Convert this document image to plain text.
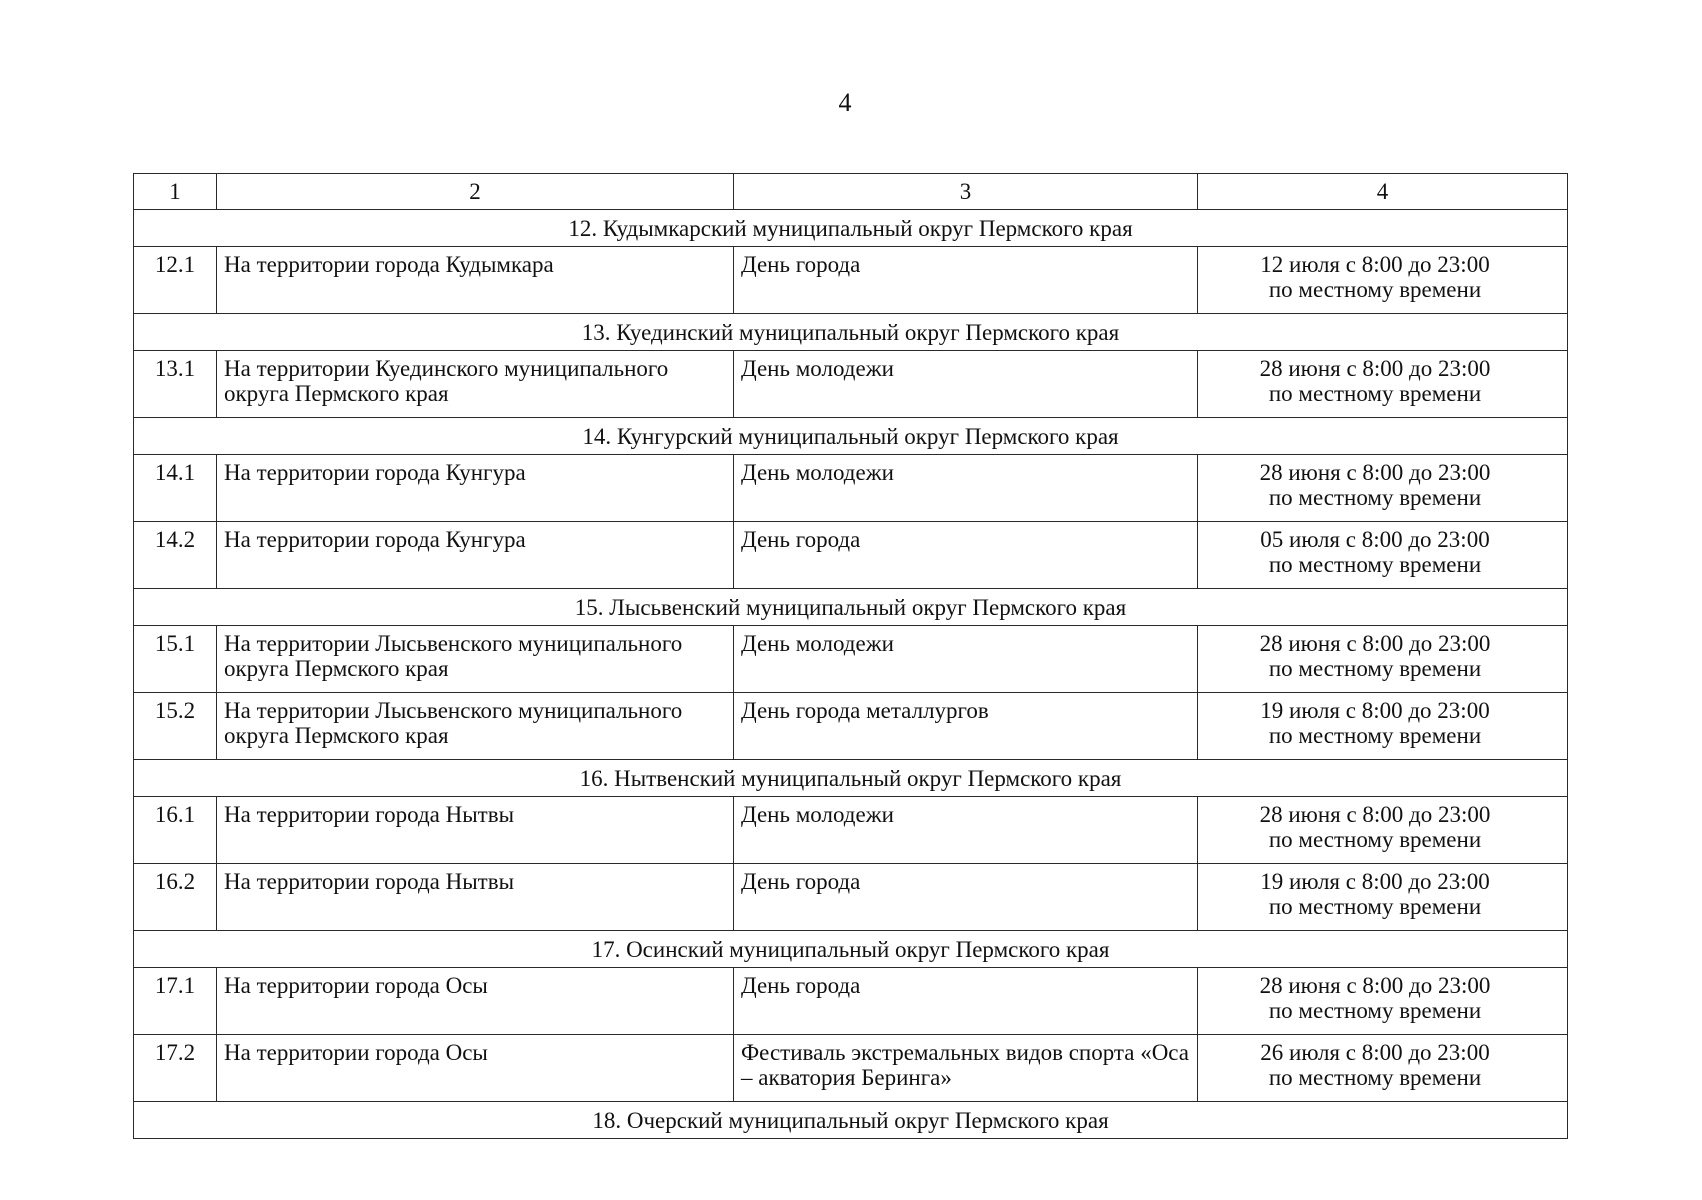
4
1	2	3	4
12. Кудымкарский муниципальный округ Пермского края			
12.1	На территории города Кудымкара	День города	12 июля с 8:00 до 23:00
по местному времени

13. Куединский муниципальный округ Пермского края			
13.1	На территории Куединского муниципального округа Пермского края	День молодежи	28 июня с 8:00 до 23:00
по местному времени

14. Кунгурский муниципальный округ Пермского края			
14.1	На территории города Кунгура	День молодежи	28 июня с 8:00 до 23:00
по местному времени

14.2	На территории города Кунгура	День города	05 июля с 8:00 до 23:00
по местному времени

15. Лысьвенский муниципальный округ Пермского края			
15.1	На территории Лысьвенского муниципального округа Пермского края	День молодежи	28 июня с 8:00 до 23:00
по местному времени

15.2	На территории Лысьвенского муниципального округа Пермского края	День города металлургов	19 июля с 8:00 до 23:00
по местному времени

16. Нытвенский муниципальный округ Пермского края			
16.1	На территории города Нытвы	День молодежи	28 июня с 8:00 до 23:00
по местному времени

16.2	На территории города Нытвы	День города	19 июля с 8:00 до 23:00
по местному времени

17. Осинский муниципальный округ Пермского края			
17.1	На территории города Осы	День города	28 июня с 8:00 до 23:00
по местному времени

17.2	На территории города Осы	Фестиваль экстремальных видов спорта «Оса – акватория Беринга»	26 июля с 8:00 до 23:00
по местному времени

18. Очерский муниципальный округ Пермского края			
